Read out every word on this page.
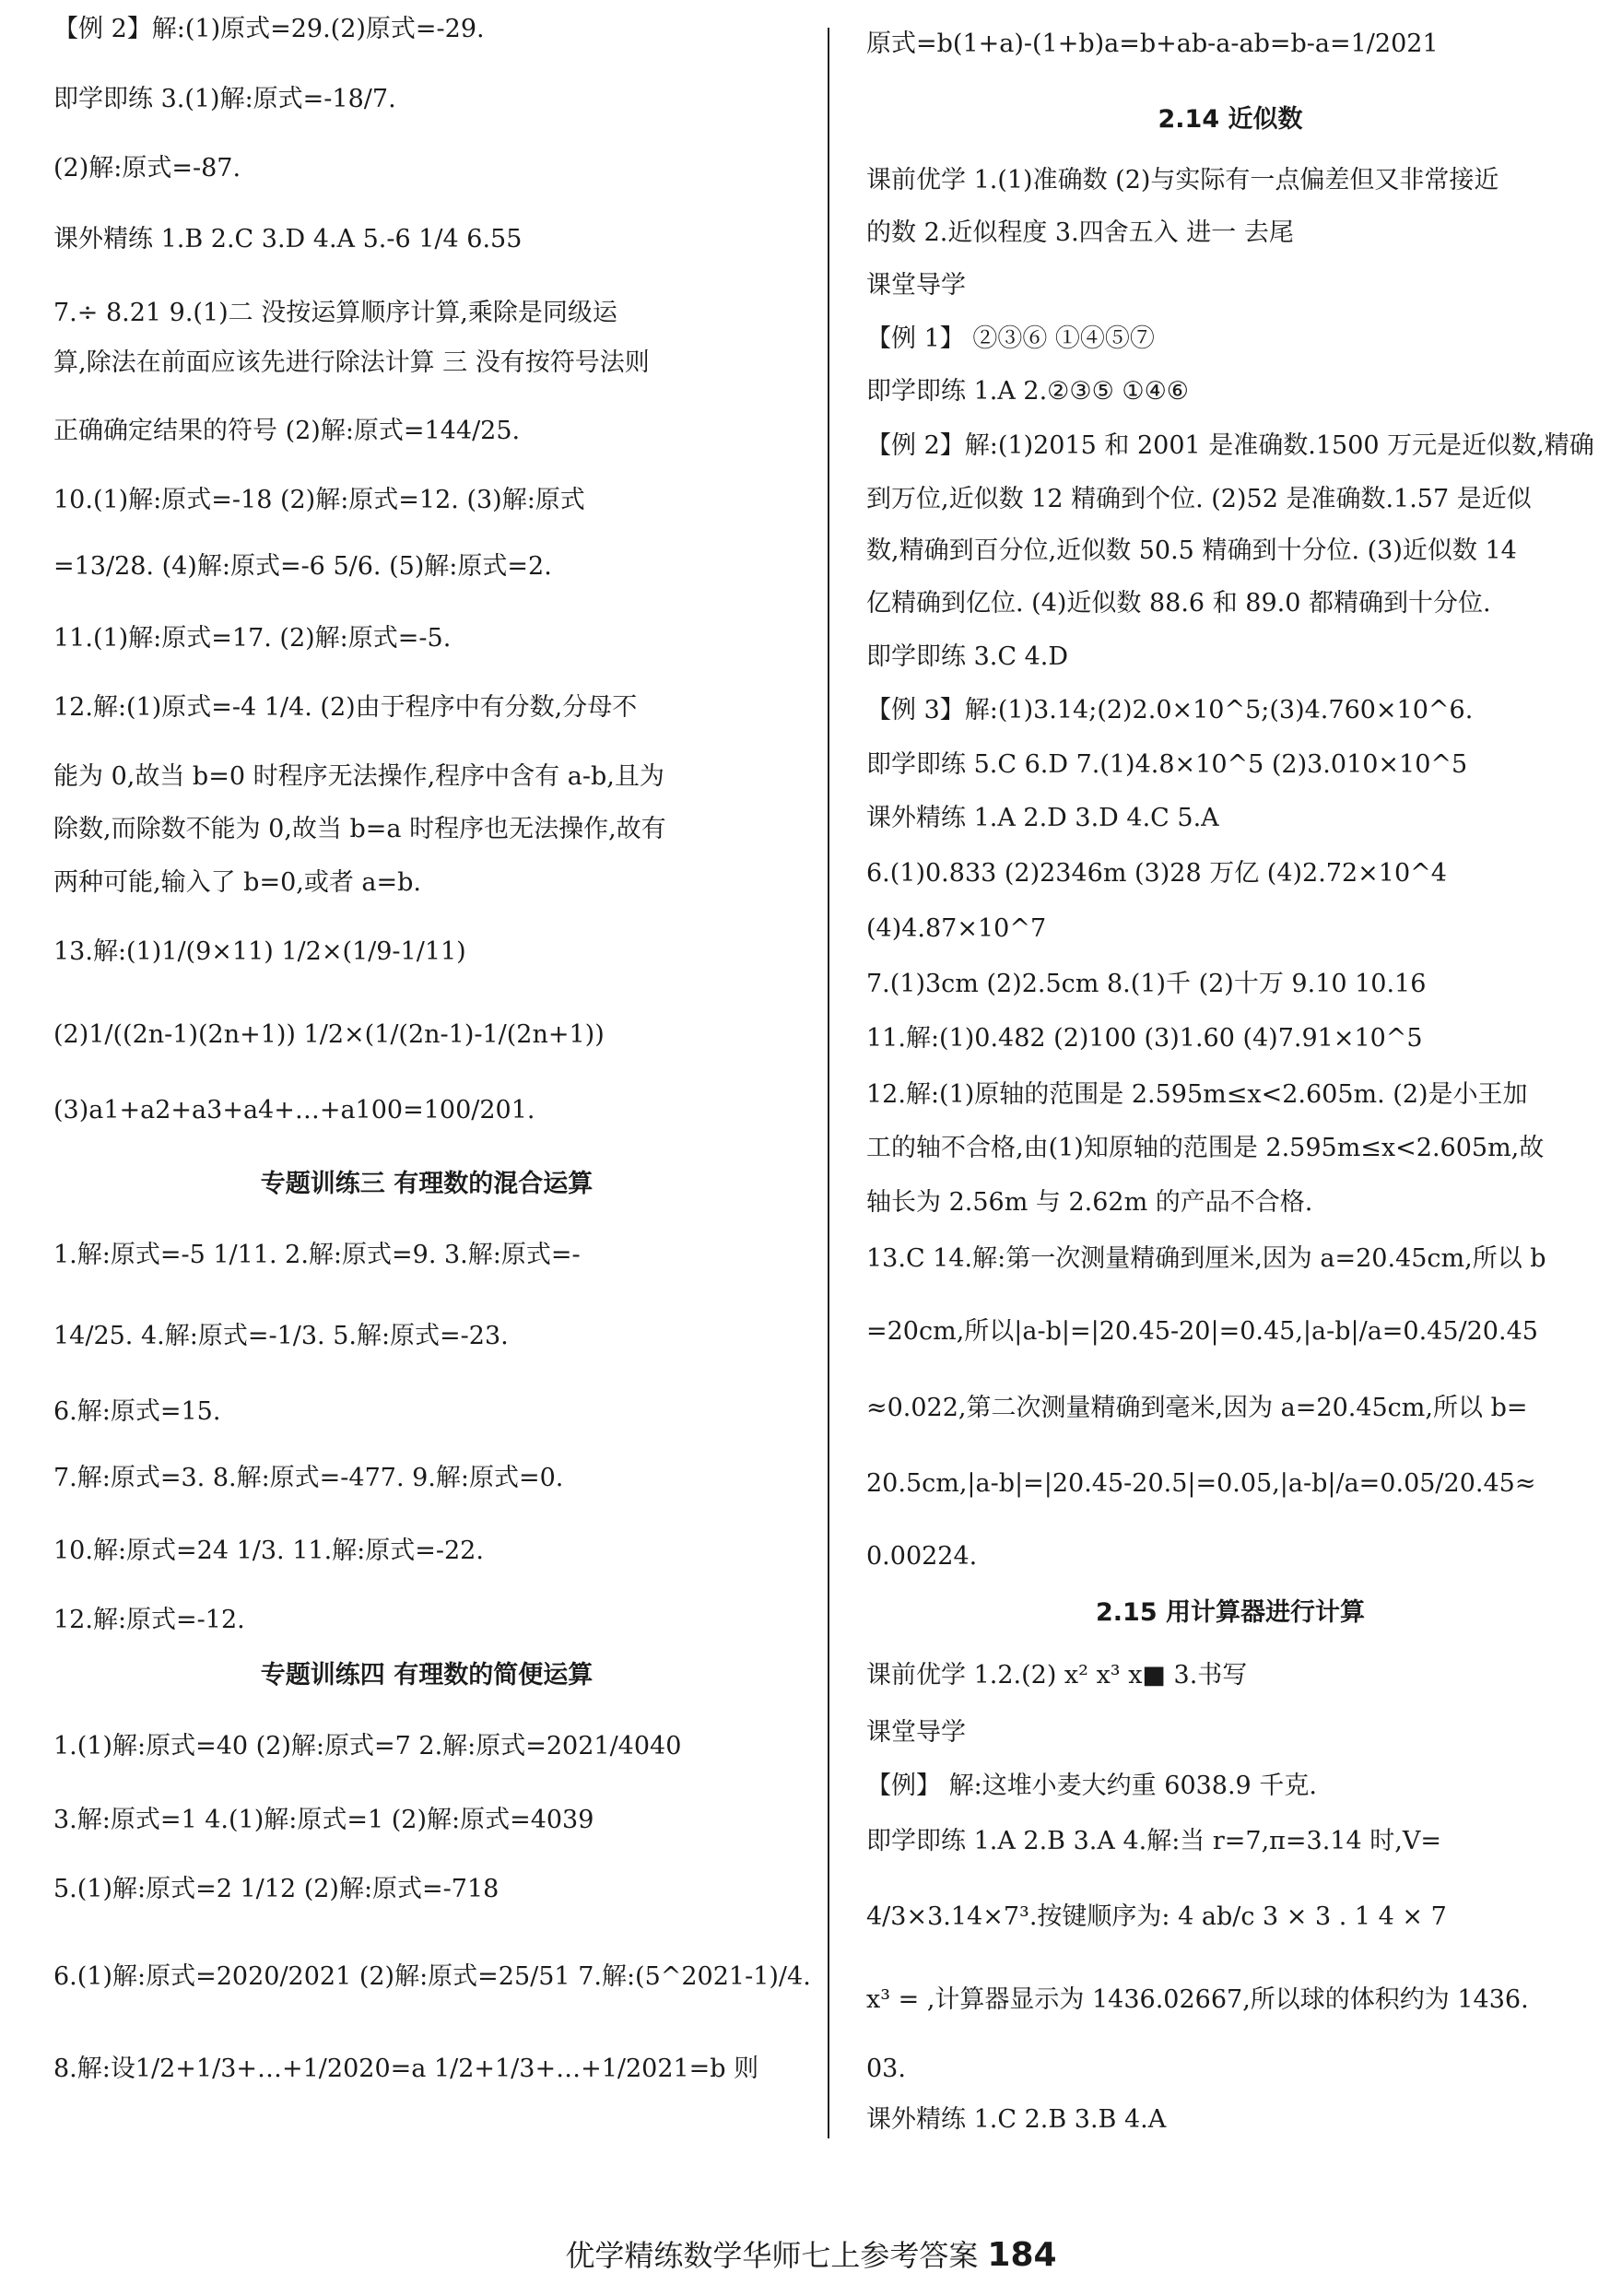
【例 2】解:(1)原式=29.(2)原式=-29.
即学即练 3.(1)解:原式=-18/7.
(2)解:原式=-87.
课外精练 1.B 2.C 3.D 4.A 5.-6 1/4 6.55
7.÷ 8.21 9.(1)二 没按运算顺序计算,乘除是同级运
算,除法在前面应该先进行除法计算 三 没有按符号法则
正确确定结果的符号 (2)解:原式=144/25.
10.(1)解:原式=-18 (2)解:原式=12. (3)解:原式
=13/28. (4)解:原式=-6 5/6. (5)解:原式=2.
11.(1)解:原式=17. (2)解:原式=-5.
12.解:(1)原式=-4 1/4. (2)由于程序中有分数,分母不
能为 0,故当 b=0 时程序无法操作,程序中含有 a-b,且为
除数,而除数不能为 0,故当 b=a 时程序也无法操作,故有
两种可能,输入了 b=0,或者 a=b.
13.解:(1)1/(9×11) 1/2×(1/9-1/11)
(2)1/((2n-1)(2n+1)) 1/2×(1/(2n-1)-1/(2n+1))
(3)a1+a2+a3+a4+…+a100=100/201.
专题训练三 有理数的混合运算
1.解:原式=-5 1/11. 2.解:原式=9. 3.解:原式=-
14/25. 4.解:原式=-1/3. 5.解:原式=-23.
6.解:原式=15.
7.解:原式=3. 8.解:原式=-477. 9.解:原式=0.
10.解:原式=24 1/3. 11.解:原式=-22.
12.解:原式=-12.
专题训练四 有理数的简便运算
1.(1)解:原式=40 (2)解:原式=7 2.解:原式=2021/4040
3.解:原式=1 4.(1)解:原式=1 (2)解:原式=4039
5.(1)解:原式=2 1/12 (2)解:原式=-718
6.(1)解:原式=2020/2021 (2)解:原式=25/51 7.解:(5^2021-1)/4.
8.解:设1/2+1/3+…+1/2020=a 1/2+1/3+…+1/2021=b 则
原式=b(1+a)-(1+b)a=b+ab-a-ab=b-a=1/2021
2.14 近似数
课前优学 1.(1)准确数 (2)与实际有一点偏差但又非常接近
的数 2.近似程度 3.四舍五入 进一 去尾
课堂导学
【例 1】 ②③⑥ ①④⑤⑦
即学即练 1.A 2.②③⑤ ①④⑥
【例 2】解:(1)2015 和 2001 是准确数.1500 万元是近似数,精确
到万位,近似数 12 精确到个位. (2)52 是准确数.1.57 是近似
数,精确到百分位,近似数 50.5 精确到十分位. (3)近似数 14
亿精确到亿位. (4)近似数 88.6 和 89.0 都精确到十分位.
即学即练 3.C 4.D
【例 3】解:(1)3.14;(2)2.0×10^5;(3)4.760×10^6.
即学即练 5.C 6.D 7.(1)4.8×10^5 (2)3.010×10^5
课外精练 1.A 2.D 3.D 4.C 5.A
6.(1)0.833 (2)2346m (3)28 万亿 (4)2.72×10^4
(4)4.87×10^7
7.(1)3cm (2)2.5cm 8.(1)千 (2)十万 9.10 10.16
11.解:(1)0.482 (2)100 (3)1.60 (4)7.91×10^5
12.解:(1)原轴的范围是 2.595m≤x<2.605m. (2)是小王加
工的轴不合格,由(1)知原轴的范围是 2.595m≤x<2.605m,故
轴长为 2.56m 与 2.62m 的产品不合格.
13.C 14.解:第一次测量精确到厘米,因为 a=20.45cm,所以 b
=20cm,所以|a-b|=|20.45-20|=0.45,|a-b|/a=0.45/20.45
≈0.022,第二次测量精确到毫米,因为 a=20.45cm,所以 b=
20.5cm,|a-b|=|20.45-20.5|=0.05,|a-b|/a=0.05/20.45≈
0.00224.
2.15 用计算器进行计算
课前优学 1.2.(2) x² x³ x■ 3.书写
课堂导学
【例】 解:这堆小麦大约重 6038.9 千克.
即学即练 1.A 2.B 3.A 4.解:当 r=7,π=3.14 时,V=
4/3×3.14×7³.按键顺序为: 4 ab/c 3 × 3 . 1 4 × 7
x³ = ,计算器显示为 1436.02667,所以球的体积约为 1436.
03.
课外精练 1.C 2.B 3.B 4.A
优学精练数学华师七上参考答案 184
